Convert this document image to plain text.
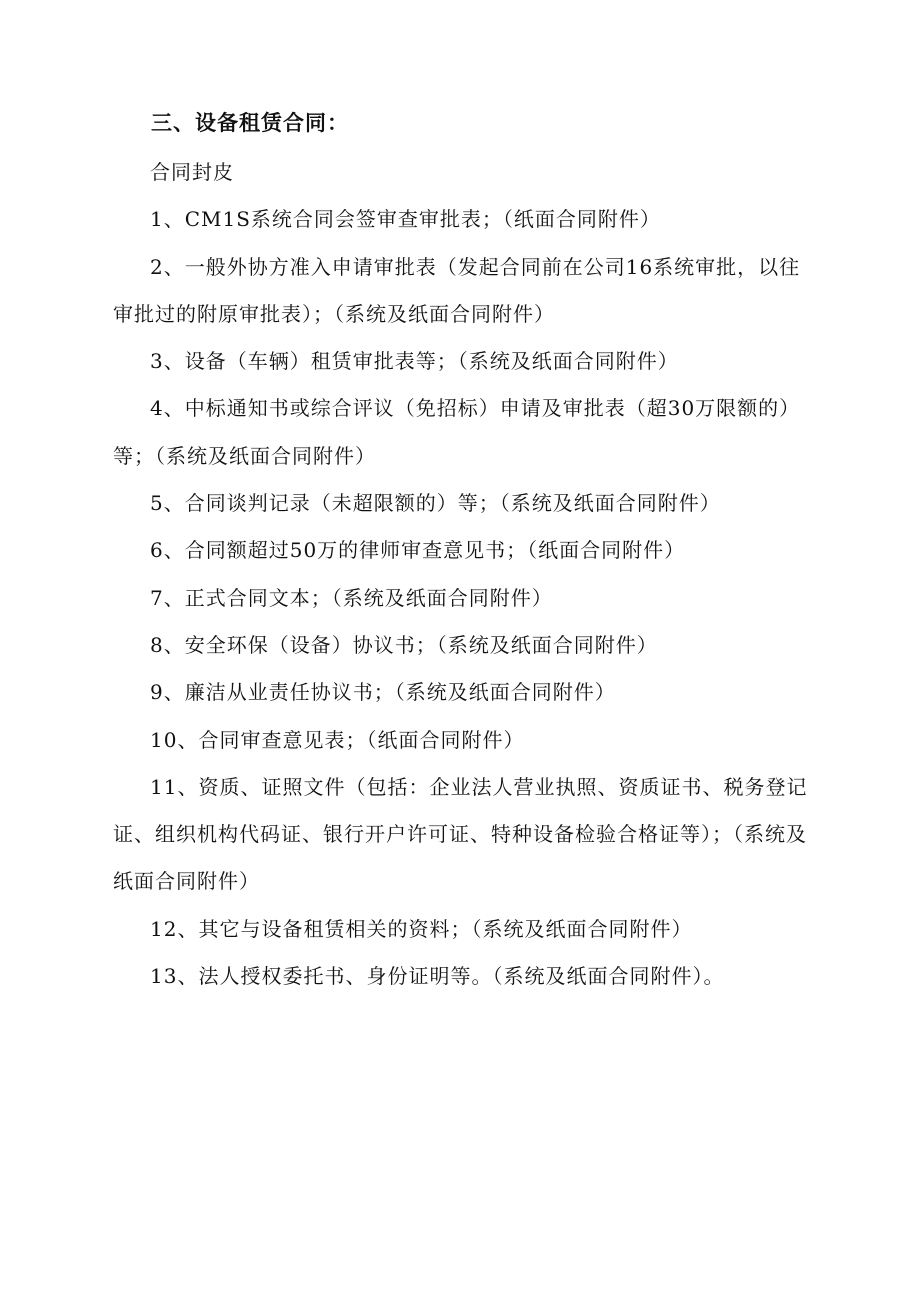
三、设备租赁合同：

合同封皮

1、CM1S系统合同会签审查审批表；（纸面合同附件）

2、一般外协方准入申请审批表（发起合同前在公司16系统审批，以往审批过的附原审批表）；（系统及纸面合同附件）

3、设备（车辆）租赁审批表等；（系统及纸面合同附件）

4、中标通知书或综合评议（免招标）申请及审批表（超30万限额的）等；（系统及纸面合同附件）

5、合同谈判记录（未超限额的）等；（系统及纸面合同附件）

6、合同额超过50万的律师审查意见书；（纸面合同附件）

7、正式合同文本；（系统及纸面合同附件）

8、安全环保（设备）协议书；（系统及纸面合同附件）

9、廉洁从业责任协议书；（系统及纸面合同附件）

10、合同审查意见表；（纸面合同附件）

11、资质、证照文件（包括：企业法人营业执照、资质证书、税务登记证、组织机构代码证、银行开户许可证、特种设备检验合格证等）；（系统及纸面合同附件）

12、其它与设备租赁相关的资料；（系统及纸面合同附件）

13、法人授权委托书、身份证明等。（系统及纸面合同附件）。
